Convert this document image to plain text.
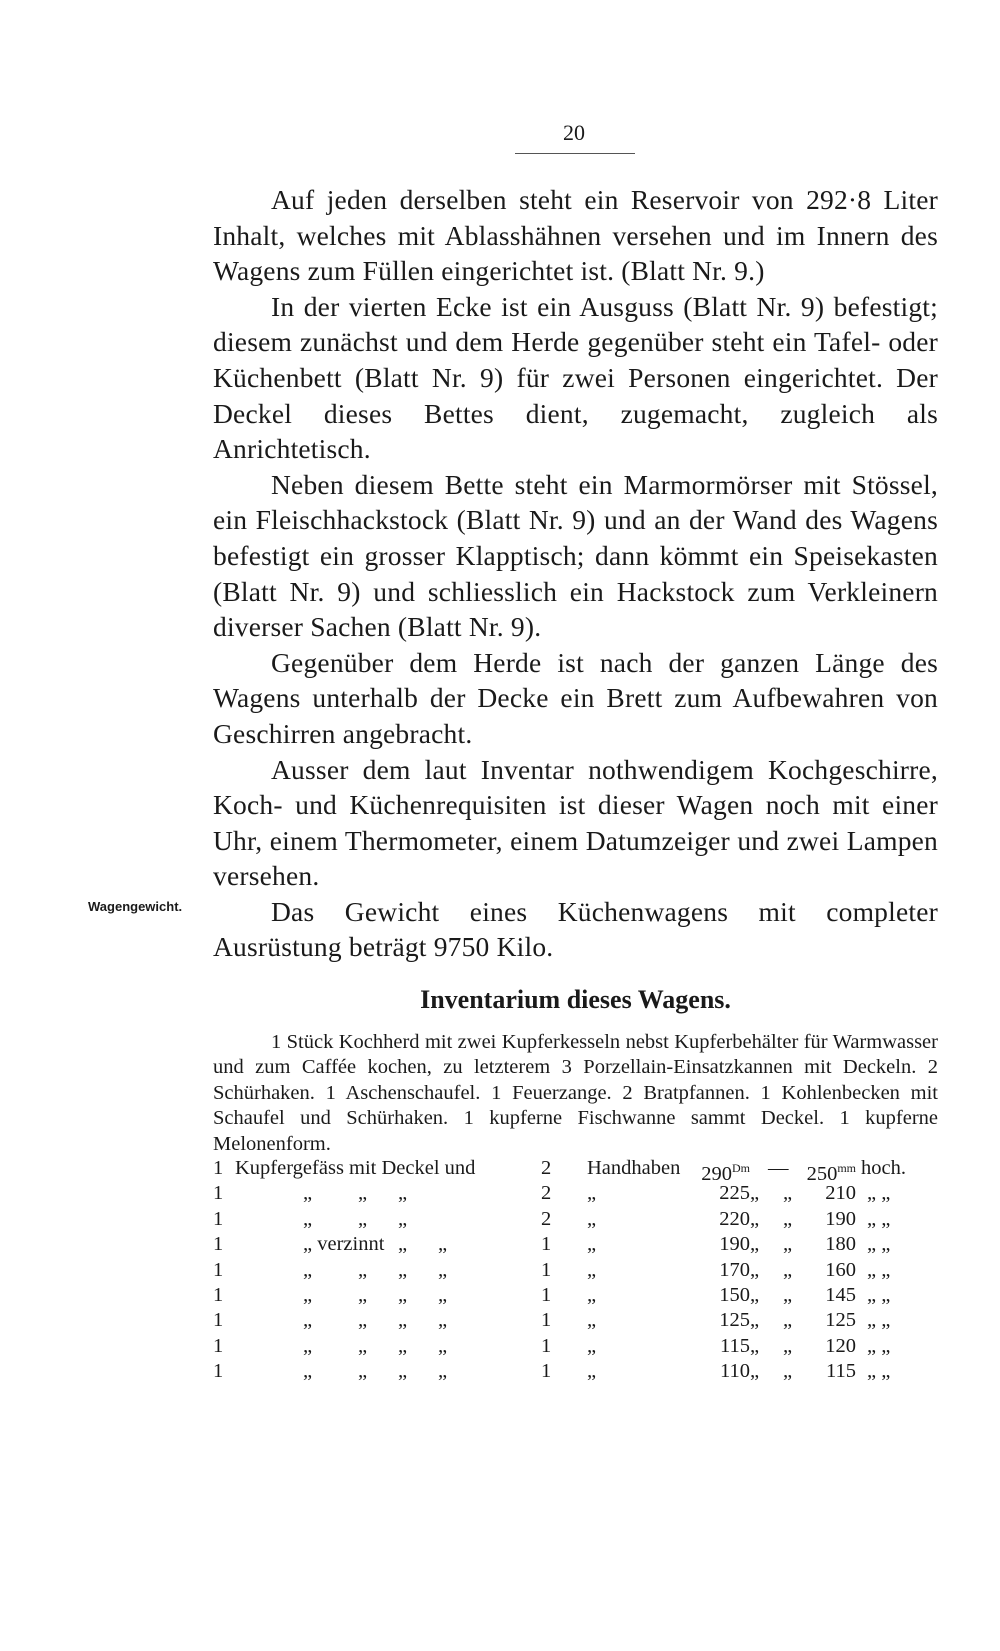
20

Auf jeden derselben steht ein Reservoir von 292·8 Liter Inhalt, welches mit Ablasshähnen versehen und im Innern des Wagens zum Füllen eingerichtet ist. (Blatt Nr. 9.)

In der vierten Ecke ist ein Ausguss (Blatt Nr. 9) befestigt; diesem zunächst und dem Herde gegenüber steht ein Tafel- oder Küchenbett (Blatt Nr. 9) für zwei Personen eingerichtet. Der Deckel dieses Bettes dient, zugemacht, zugleich als Anrichtetisch.

Neben diesem Bette steht ein Marmormörser mit Stössel, ein Fleischhackstock (Blatt Nr. 9) und an der Wand des Wagens befestigt ein grosser Klapptisch; dann kömmt ein Speisekasten (Blatt Nr. 9) und schliesslich ein Hackstock zum Verkleinern diverser Sachen (Blatt Nr. 9).

Gegenüber dem Herde ist nach der ganzen Länge des Wagens unterhalb der Decke ein Brett zum Aufbewahren von Geschirren angebracht.

Ausser dem laut Inventar nothwendigem Kochgeschirre, Koch- und Küchenrequisiten ist dieser Wagen noch mit einer Uhr, einem Thermometer, einem Datumzeiger und zwei Lampen versehen.

Das Gewicht eines Küchenwagens mit completer Ausrüstung beträgt 9750 Kilo.

Wagengewicht.
Inventarium dieses Wagens.

1 Stück Kochherd mit zwei Kupferkesseln nebst Kupferbehälter für Warmwasser und zum Caffée kochen, zu letzterem 3 Porzellain-Einsatzkannen mit Deckeln. 2 Schürhaken. 1 Aschenschaufel. 1 Feuerzange. 2 Bratpfannen. 1 Kohlenbecken mit Schaufel und Schürhaken. 1 kupferne Fischwanne sammt Deckel. 1 kupferne Melonenform.

1 Kupfergefäss mit Deckel und	2 Handhaben	$290^{Dm}$ — $250^{mm}$ hoch.
1	„ „ „	2 „	225 „ „	210 „ „
1	„ „ „	2 „	220 „ „	190 „ „
1	„ verzinnt „ „	1 „	190 „ „	180 „ „
1	„ „ „ „	1 „	170 „ „	160 „ „
1	„ „ „ „	1 „	150 „ „	145 „ „
1	„ „ „ „	1 „	125 „ „	125 „ „
1	„ „ „ „	1 „	115 „ „	120 „ „
1	„ „ „ „	1 „	110 „ „	115 „ „
